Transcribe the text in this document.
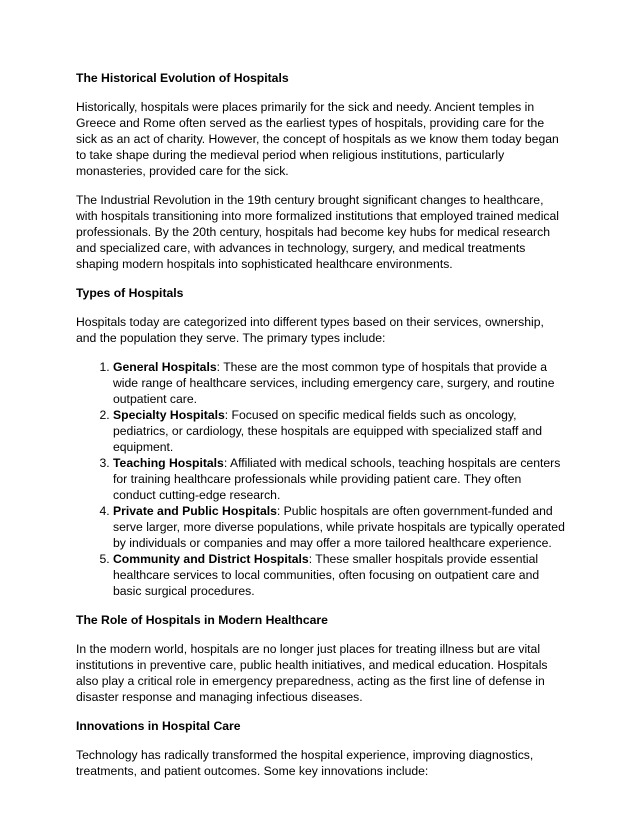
The Historical Evolution of Hospitals
Historically, hospitals were places primarily for the sick and needy. Ancient temples in Greece and Rome often served as the earliest types of hospitals, providing care for the sick as an act of charity. However, the concept of hospitals as we know them today began to take shape during the medieval period when religious institutions, particularly monasteries, provided care for the sick.
The Industrial Revolution in the 19th century brought significant changes to healthcare, with hospitals transitioning into more formalized institutions that employed trained medical professionals. By the 20th century, hospitals had become key hubs for medical research and specialized care, with advances in technology, surgery, and medical treatments shaping modern hospitals into sophisticated healthcare environments.
Types of Hospitals
Hospitals today are categorized into different types based on their services, ownership, and the population they serve. The primary types include:
1. General Hospitals: These are the most common type of hospitals that provide a wide range of healthcare services, including emergency care, surgery, and routine outpatient care.
2. Specialty Hospitals: Focused on specific medical fields such as oncology, pediatrics, or cardiology, these hospitals are equipped with specialized staff and equipment.
3. Teaching Hospitals: Affiliated with medical schools, teaching hospitals are centers for training healthcare professionals while providing patient care. They often conduct cutting-edge research.
4. Private and Public Hospitals: Public hospitals are often government-funded and serve larger, more diverse populations, while private hospitals are typically operated by individuals or companies and may offer a more tailored healthcare experience.
5. Community and District Hospitals: These smaller hospitals provide essential healthcare services to local communities, often focusing on outpatient care and basic surgical procedures.
The Role of Hospitals in Modern Healthcare
In the modern world, hospitals are no longer just places for treating illness but are vital institutions in preventive care, public health initiatives, and medical education. Hospitals also play a critical role in emergency preparedness, acting as the first line of defense in disaster response and managing infectious diseases.
Innovations in Hospital Care
Technology has radically transformed the hospital experience, improving diagnostics, treatments, and patient outcomes. Some key innovations include:
